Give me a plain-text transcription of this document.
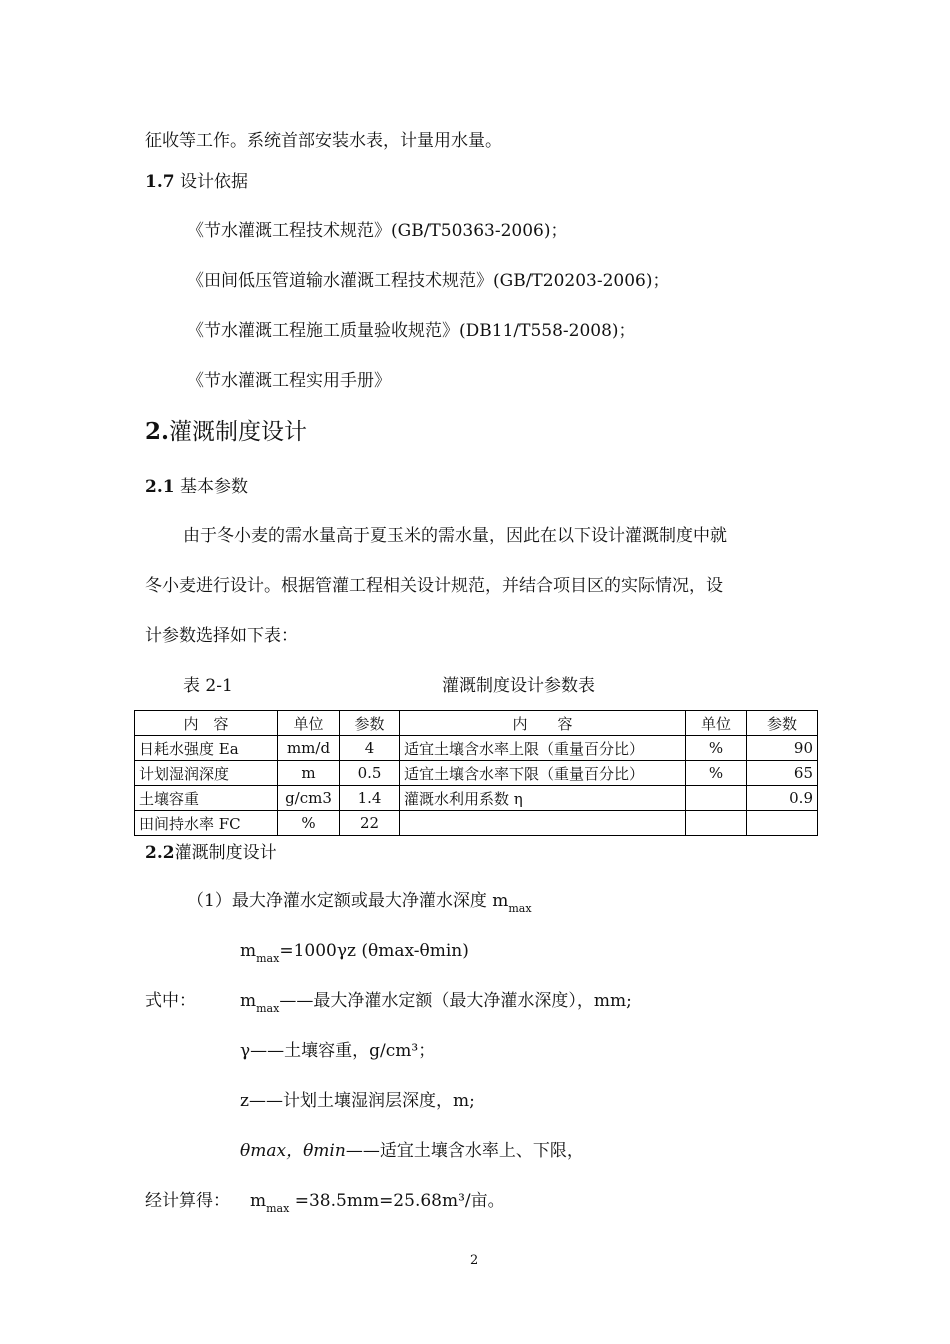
征收等工作。系统首部安装水表，计量用水量。
1.7 设计依据
《节水灌溉工程技术规范》(GB/T50363-2006)；
《田间低压管道输水灌溉工程技术规范》(GB/T20203-2006)；
《节水灌溉工程施工质量验收规范》(DB11/T558-2008)；
《节水灌溉工程实用手册》
2.灌溉制度设计
2.1 基本参数
由于冬小麦的需水量高于夏玉米的需水量，因此在以下设计灌溉制度中就
冬小麦进行设计。根据管灌工程相关设计规范，并结合项目区的实际情况，设
计参数选择如下表：
表 2-1	灌溉制度设计参数表
内　容	单位	参数	内　　容	单位	参数
日耗水强度 Ea	mm/d	4	适宜土壤含水率上限（重量百分比）	%	90
计划湿润深度	m	0.5	适宜土壤含水率下限（重量百分比）	%	65
土壤容重	g/cm3	1.4	灌溉水利用系数 η		0.9
田间持水率 FC	%	22			
2.2灌溉制度设计
（1）最大净灌水定额或最大净灌水深度 $m_{max}$
$m_{max}=1000\gamma z$ (θmax-θmin)
式中：	$m_{max}——$最大净灌水定额（最大净灌水深度），mm;
γ——土壤容重，g/cm³；
z——计划土壤湿润层深度，m;
θmax，θmin——适宜土壤含水率上、下限，
经计算得： $m_{max} =38.5mm=25.68m^3/$亩。
2
